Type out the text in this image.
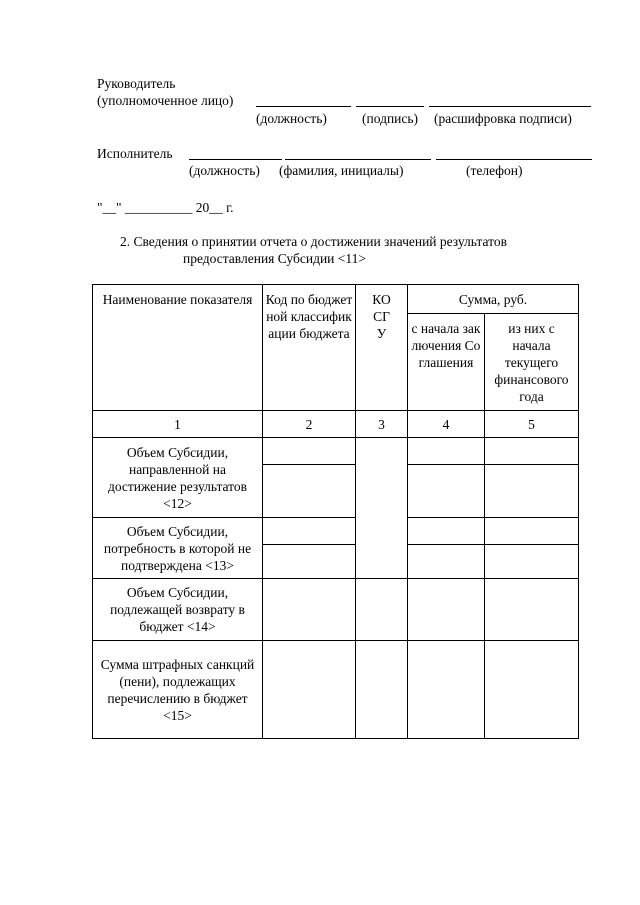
Руководитель
(уполномоченное лицо)
(должность)	(подпись) (расшифровка подписи)
Исполнитель
(должность) (фамилия, инициалы)	(телефон)
"__" __________ 20__ г.
2. Сведения о принятии отчета о достижении значений результатов
предоставления Субсидии <11>
Наименование показателя	Код по бюджетной классификации бюджета	КОСГУ	Сумма, руб.	

			с начала заключения Соглашения	из них с начала текущего финансового года

1	2	3	4	5
Объем Субсидии, направленной на достижение результатов <12>				

Объем Субсидии, потребность в которой не подтверждена <13>				

Объем Субсидии, подлежащей возврату в бюджет <14>				
Сумма штрафных санкций (пени), подлежащих перечислению в бюджет <15>				
